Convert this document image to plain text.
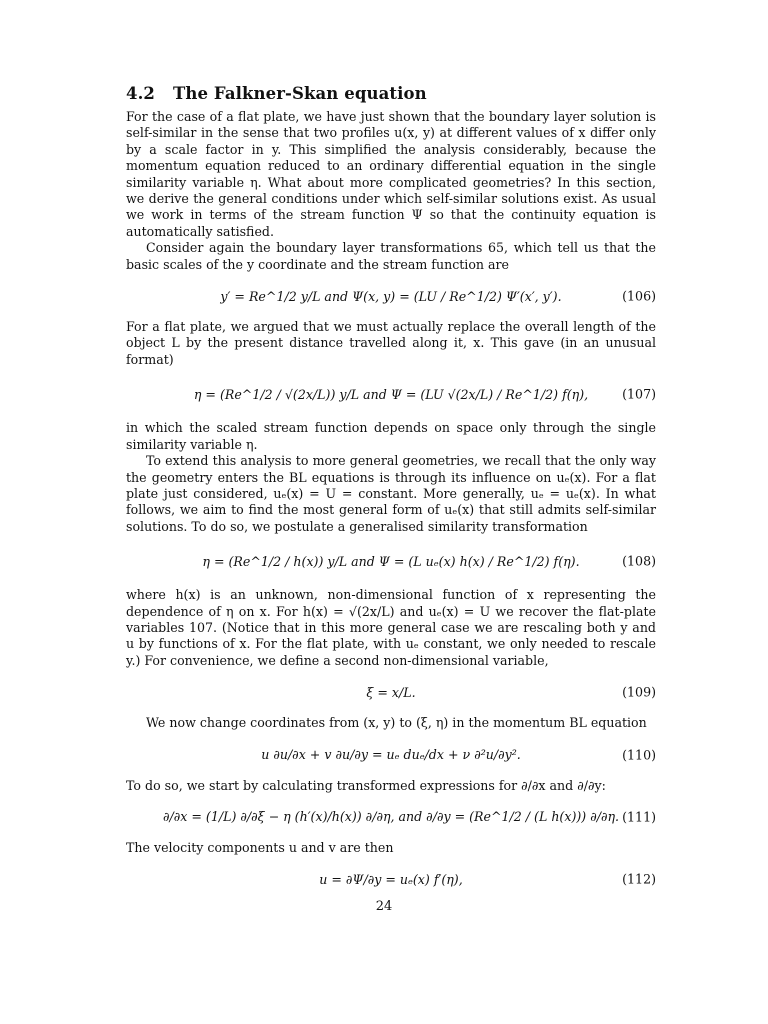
4.2 The Falkner-Skan equation

For the case of a flat plate, we have just shown that the boundary layer solution is self-similar in the sense that two profiles u(x, y) at different values of x differ only by a scale factor in y. This simplified the analysis considerably, because the momentum equation reduced to an ordinary differential equation in the single similarity variable η. What about more complicated geometries? In this section, we derive the general conditions under which self-similar solutions exist. As usual we work in terms of the stream function Ψ so that the continuity equation is automatically satisfied.

Consider again the boundary layer transformations 65, which tell us that the basic scales of the y coordinate and the stream function are

y′ = Re^1/2 y/L and Ψ(x, y) = (LU / Re^1/2) Ψ′(x′, y′).	(106)

For a flat plate, we argued that we must actually replace the overall length of the object L by the present distance travelled along it, x. This gave (in an unusual format)

η = (Re^1/2 / √(2x/L)) y/L and Ψ = (LU √(2x/L) / Re^1/2) f(η),	(107)

in which the scaled stream function depends on space only through the single similarity variable η.

To extend this analysis to more general geometries, we recall that the only way the geometry enters the BL equations is through its influence on uₑ(x). For a flat plate just considered, uₑ(x) = U = constant. More generally, uₑ = uₑ(x). In what follows, we aim to find the most general form of uₑ(x) that still admits self-similar solutions. To do so, we postulate a generalised similarity transformation

η = (Re^1/2 / h(x)) y/L and Ψ = (L uₑ(x) h(x) / Re^1/2) f(η).	(108)

where h(x) is an unknown, non-dimensional function of x representing the dependence of η on x. For h(x) = √(2x/L) and uₑ(x) = U we recover the flat-plate variables 107. (Notice that in this more general case we are rescaling both y and u by functions of x. For the flat plate, with uₑ constant, we only needed to rescale y.) For convenience, we define a second non-dimensional variable,

ξ = x/L.	(109)

We now change coordinates from (x, y) to (ξ, η) in the momentum BL equation

u ∂u/∂x + v ∂u/∂y = uₑ duₑ/dx + ν ∂²u/∂y².	(110)

To do so, we start by calculating transformed expressions for ∂/∂x and ∂/∂y:

∂/∂x = (1/L) ∂/∂ξ − η (h′(x)/h(x)) ∂/∂η, and ∂/∂y = (Re^1/2 / (L h(x))) ∂/∂η. (111)

The velocity components u and v are then

u = ∂Ψ/∂y = uₑ(x) f′(η),	(112)
24
